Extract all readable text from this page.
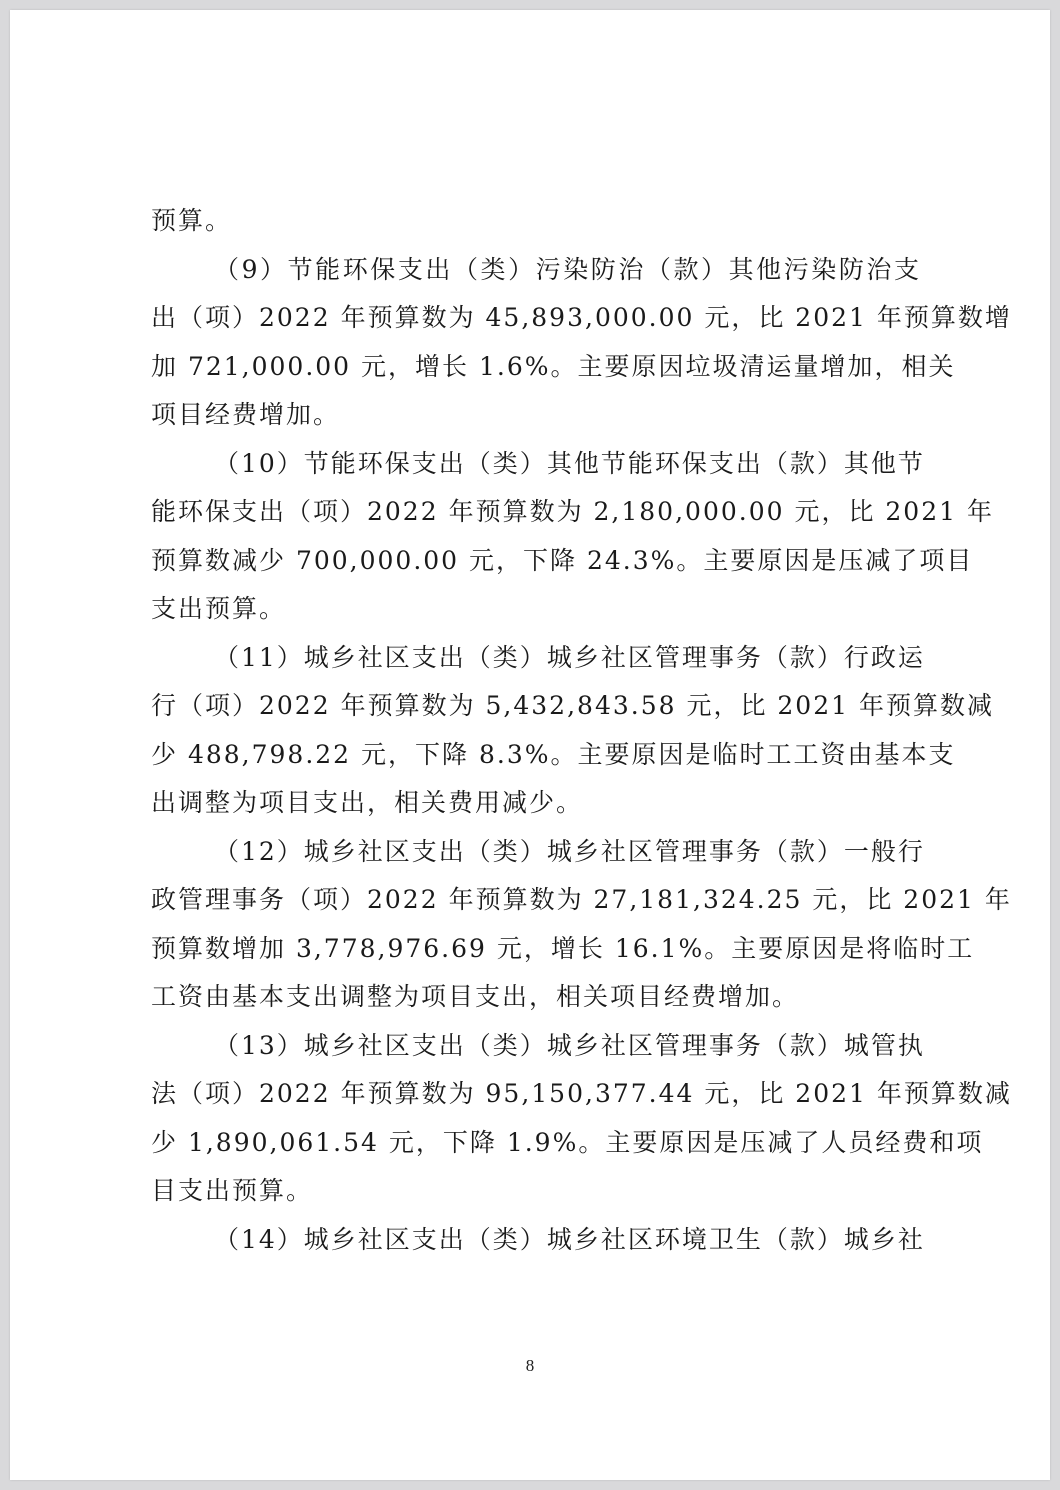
预算。
（9）节能环保支出（类）污染防治（款）其他污染防治支
出（项）2022 年预算数为 45,893,000.00 元，比 2021 年预算数增
加 721,000.00 元，增长 1.6%。主要原因垃圾清运量增加，相关
项目经费增加。
（10）节能环保支出（类）其他节能环保支出（款）其他节
能环保支出（项）2022 年预算数为 2,180,000.00 元，比 2021 年
预算数减少 700,000.00 元，下降 24.3%。主要原因是压减了项目
支出预算。
（11）城乡社区支出（类）城乡社区管理事务（款）行政运
行（项）2022 年预算数为 5,432,843.58 元，比 2021 年预算数减
少 488,798.22 元，下降 8.3%。主要原因是临时工工资由基本支
出调整为项目支出，相关费用减少。
（12）城乡社区支出（类）城乡社区管理事务（款）一般行
政管理事务（项）2022 年预算数为 27,181,324.25 元，比 2021 年
预算数增加 3,778,976.69 元，增长 16.1%。主要原因是将临时工
工资由基本支出调整为项目支出，相关项目经费增加。
（13）城乡社区支出（类）城乡社区管理事务（款）城管执
法（项）2022 年预算数为 95,150,377.44 元，比 2021 年预算数减
少 1,890,061.54 元，下降 1.9%。主要原因是压减了人员经费和项
目支出预算。
（14）城乡社区支出（类）城乡社区环境卫生（款）城乡社
8
